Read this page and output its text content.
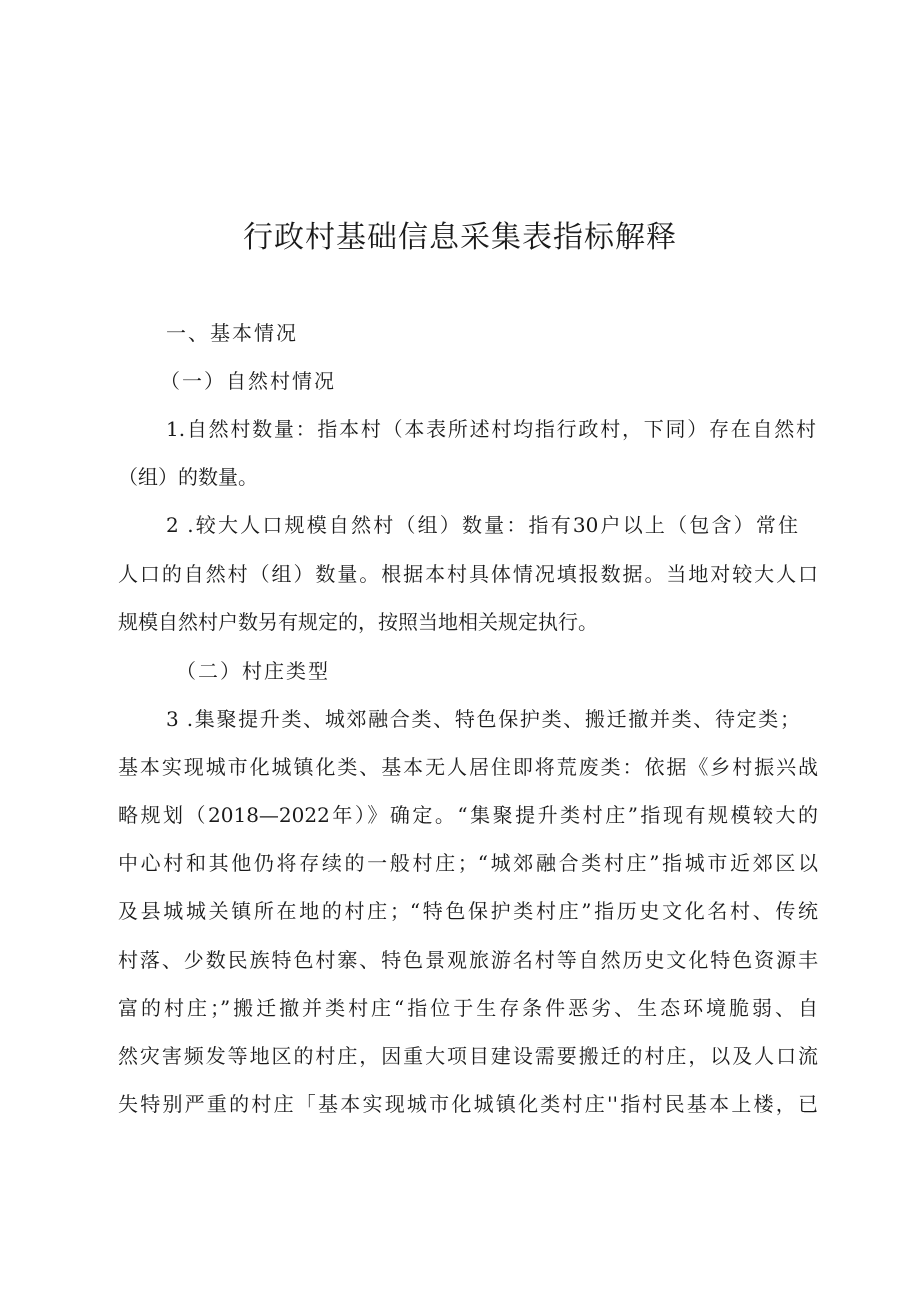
行政村基础信息采集表指标解释
一、基本情况
（一）自然村情况
1.自然村数量：指本村（本表所述村均指行政村，下同）存在自然村
（组）的数量。
2 .较大人口规模自然村（组）数量：指有30户以上（包含）常住
人口的自然村（组）数量。根据本村具体情况填报数据。当地对较大人口
规模自然村户数另有规定的，按照当地相关规定执行。
（二）村庄类型
3 .集聚提升类、城郊融合类、特色保护类、搬迁撤并类、待定类；
基本实现城市化城镇化类、基本无人居住即将荒废类：依据《乡村振兴战
略规划（2018—2022年）》确定。“集聚提升类村庄”指现有规模较大的
中心村和其他仍将存续的一般村庄；“城郊融合类村庄”指城市近郊区以
及县城城关镇所在地的村庄；“特色保护类村庄”指历史文化名村、传统
村落、少数民族特色村寨、特色景观旅游名村等自然历史文化特色资源丰
富的村庄；”搬迁撤并类村庄“指位于生存条件恶劣、生态环境脆弱、自
然灾害频发等地区的村庄，因重大项目建设需要搬迁的村庄，以及人口流
失特别严重的村庄「基本实现城市化城镇化类村庄''指村民基本上楼，已
